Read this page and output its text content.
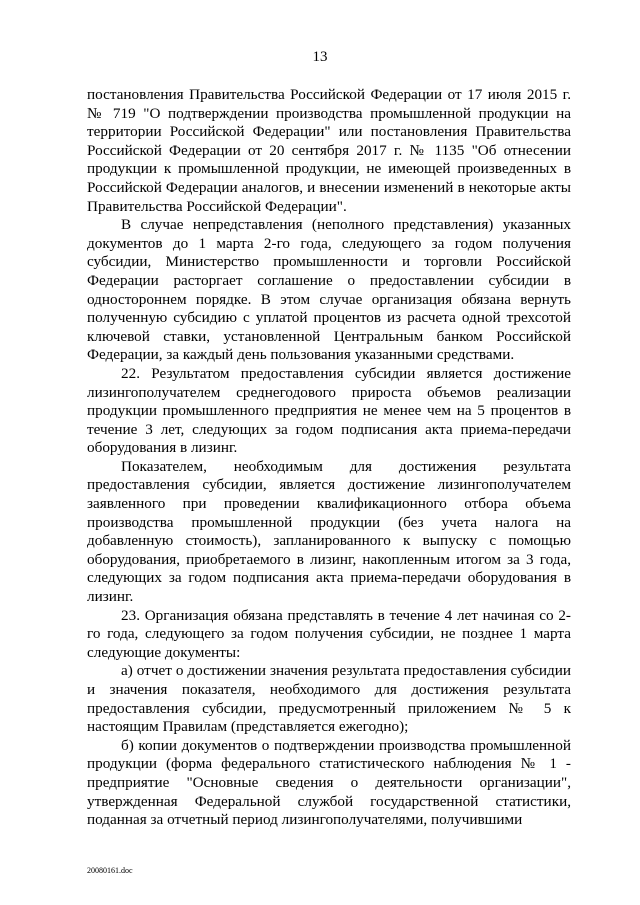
13

постановления Правительства Российской Федерации от 17 июля 2015 г. № 719 "О подтверждении производства промышленной продукции на территории Российской Федерации" или постановления Правительства Российской Федерации от 20 сентября 2017 г. № 1135 "Об отнесении продукции к промышленной продукции, не имеющей произведенных в Российской Федерации аналогов, и внесении изменений в некоторые акты Правительства Российской Федерации".

В случае непредставления (неполного представления) указанных документов до 1 марта 2-го года, следующего за годом получения субсидии, Министерство промышленности и торговли Российской Федерации расторгает соглашение о предоставлении субсидии в одностороннем порядке. В этом случае организация обязана вернуть полученную субсидию с уплатой процентов из расчета одной трехсотой ключевой ставки, установленной Центральным банком Российской Федерации, за каждый день пользования указанными средствами.

22. Результатом предоставления субсидии является достижение лизингополучателем среднегодового прироста объемов реализации продукции промышленного предприятия не менее чем на 5 процентов в течение 3 лет, следующих за годом подписания акта приема-передачи оборудования в лизинг.

Показателем, необходимым для достижения результата предоставления субсидии, является достижение лизингополучателем заявленного при проведении квалификационного отбора объема производства промышленной продукции (без учета налога на добавленную стоимость), запланированного к выпуску с помощью оборудования, приобретаемого в лизинг, накопленным итогом за 3 года, следующих за годом подписания акта приема-передачи оборудования в лизинг.

23. Организация обязана представлять в течение 4 лет начиная со 2-го года, следующего за годом получения субсидии, не позднее 1 марта следующие документы:

а) отчет о достижении значения результата предоставления субсидии и значения показателя, необходимого для достижения результата предоставления субсидии, предусмотренный приложением № 5 к настоящим Правилам (представляется ежегодно);

б) копии документов о подтверждении производства промышленной продукции (форма федерального статистического наблюдения № 1 - предприятие "Основные сведения о деятельности организации", утвержденная Федеральной службой государственной статистики, поданная за отчетный период лизингополучателями, получившими

20080161.doc
